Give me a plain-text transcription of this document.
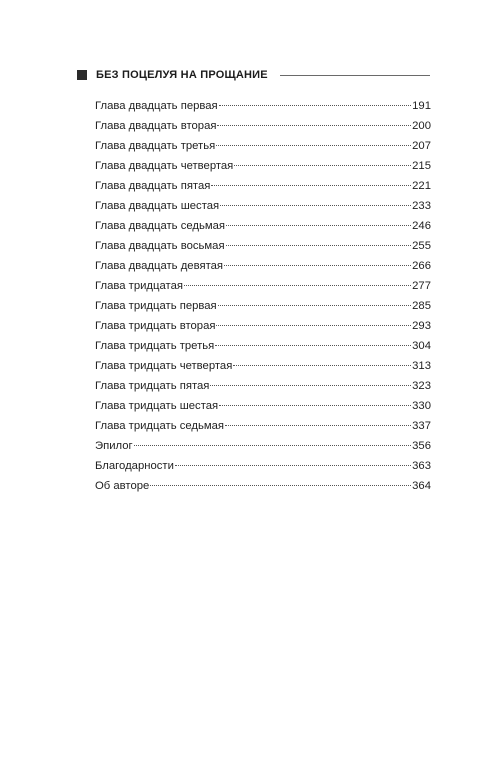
БЕЗ ПОЦЕЛУЯ НА ПРОЩАНИЕ
Глава двадцать первая	191
Глава двадцать вторая	200
Глава двадцать третья	207
Глава двадцать четвертая	215
Глава двадцать пятая	221
Глава двадцать шестая	233
Глава двадцать седьмая	246
Глава двадцать восьмая	255
Глава двадцать девятая	266
Глава тридцатая	277
Глава тридцать первая	285
Глава тридцать вторая	293
Глава тридцать третья	304
Глава тридцать четвертая	313
Глава тридцать пятая	323
Глава тридцать шестая	330
Глава тридцать седьмая	337
Эпилог	356
Благодарности	363
Об авторе	364
